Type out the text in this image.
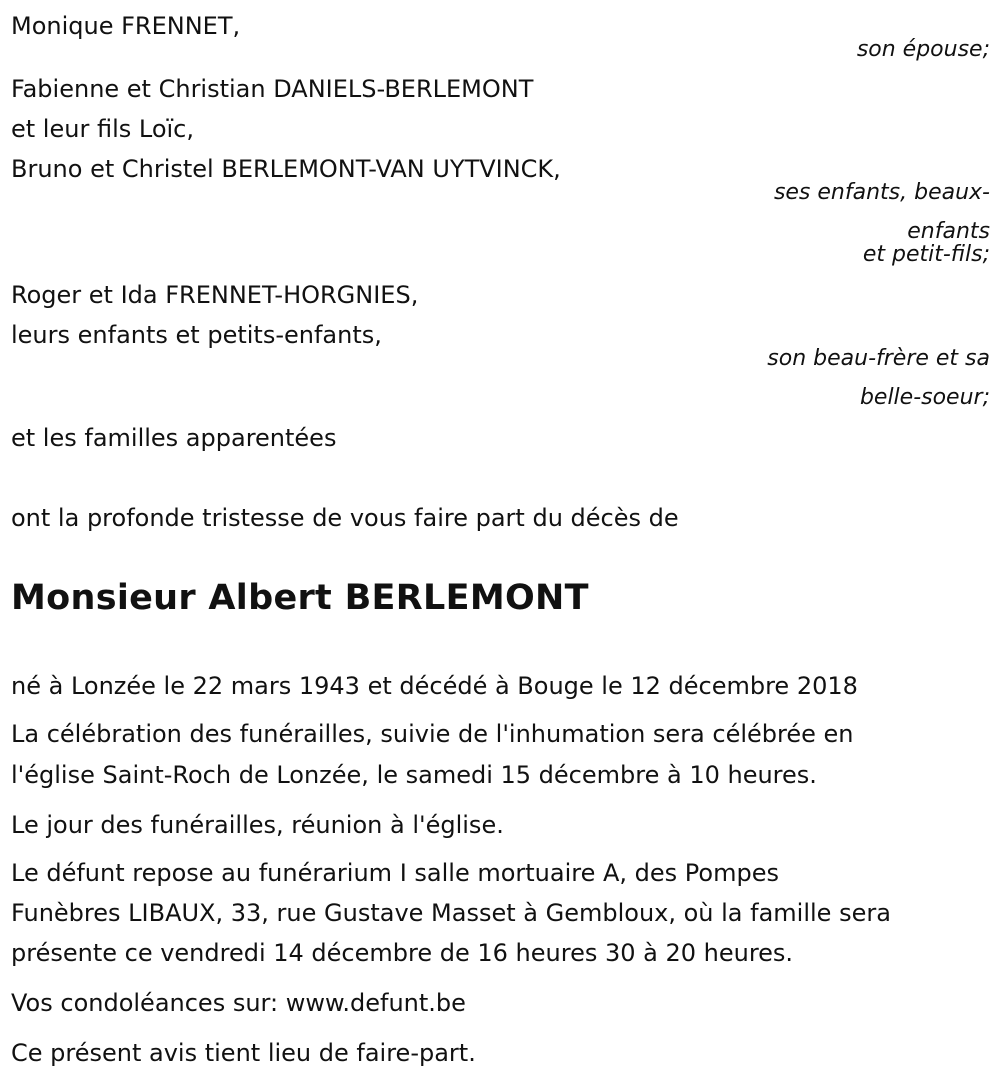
Monique FRENNET,
son épouse;
Fabienne et Christian DANIELS-BERLEMONT
et leur fils Loïc,
Bruno et Christel BERLEMONT-VAN UYTVINCK,
ses enfants, beaux-
enfants
et petit-fils;
Roger et Ida FRENNET-HORGNIES,
leurs enfants et petits-enfants,
son beau-frère et sa
belle-soeur;
et les familles apparentées
ont la profonde tristesse de vous faire part du décès de
Monsieur Albert BERLEMONT
né à Lonzée le 22 mars 1943 et décédé à Bouge le 12 décembre 2018
La célébration des funérailles, suivie de l'inhumation sera célébrée en
l'église Saint-Roch de Lonzée, le samedi 15 décembre à 10 heures.
Le jour des funérailles, réunion à l'église.
Le défunt repose au funérarium I salle mortuaire A, des Pompes
Funèbres LIBAUX, 33, rue Gustave Masset à Gembloux, où la famille sera
présente ce vendredi 14 décembre de 16 heures 30 à 20 heures.
Vos condoléances sur: www.defunt.be
Ce présent avis tient lieu de faire-part.
